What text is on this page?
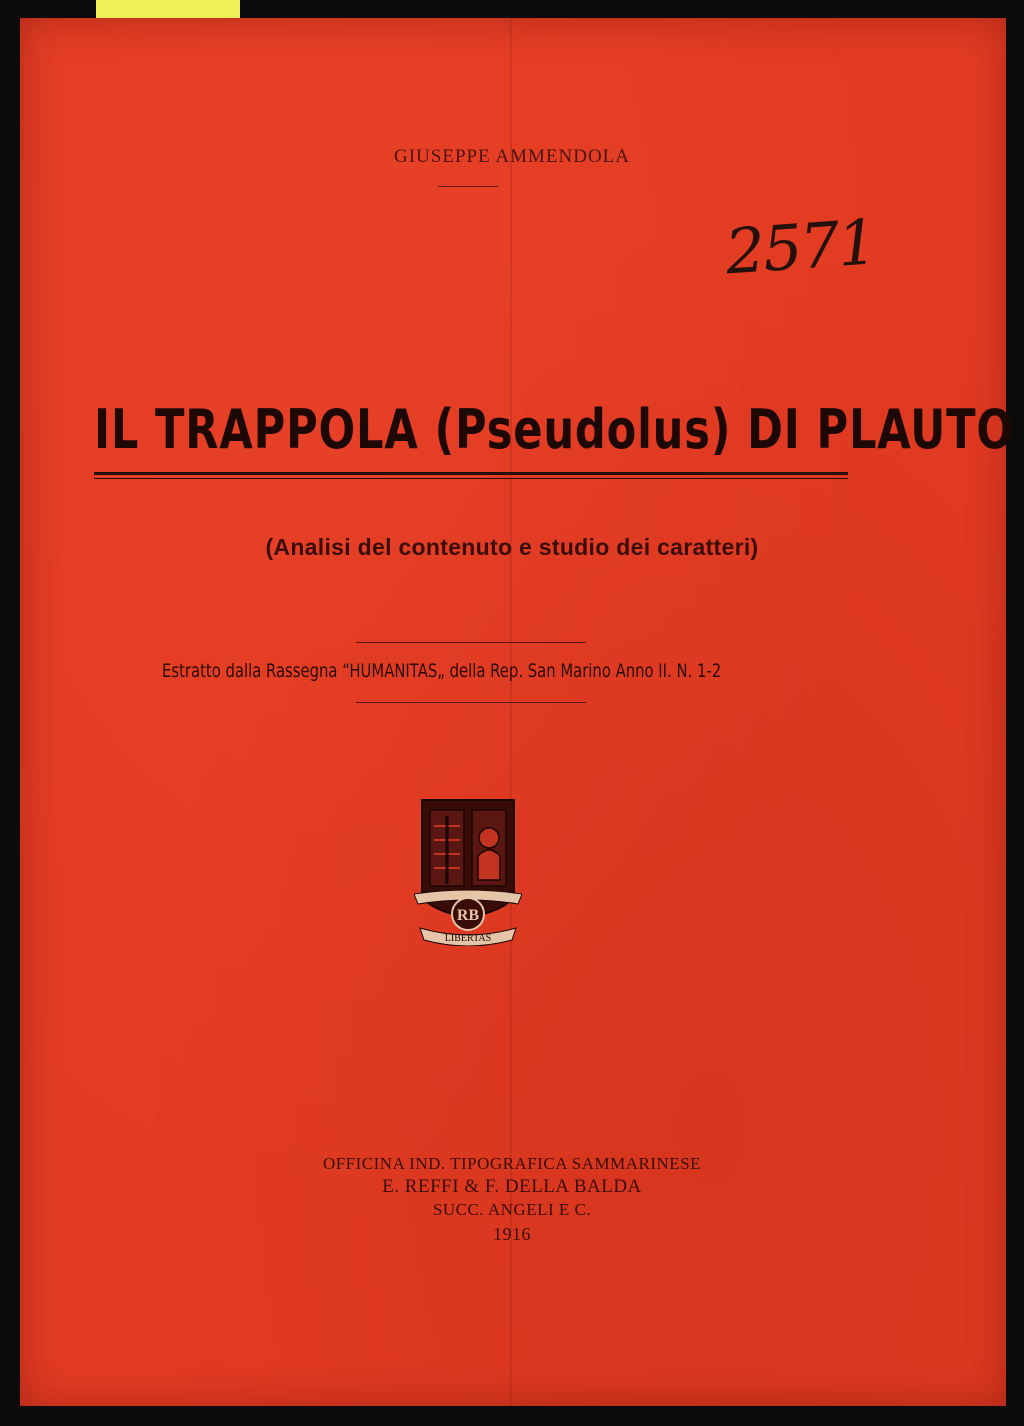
GIUSEPPE AMMENDOLA
2571
IL TRAPPOLA (Pseudolus) DI PLAUTO
(Analisi del contenuto e studio dei caratteri)
Estratto dalla Rassegna “HUMANITAS„ della Rep. San Marino Anno II. N. 1-2
RB
LIBERTAS
OFFICINA IND. TIPOGRAFICA SAMMARINESE
E. REFFI & F. DELLA BALDA
SUCC. ANGELI E C.
1916
